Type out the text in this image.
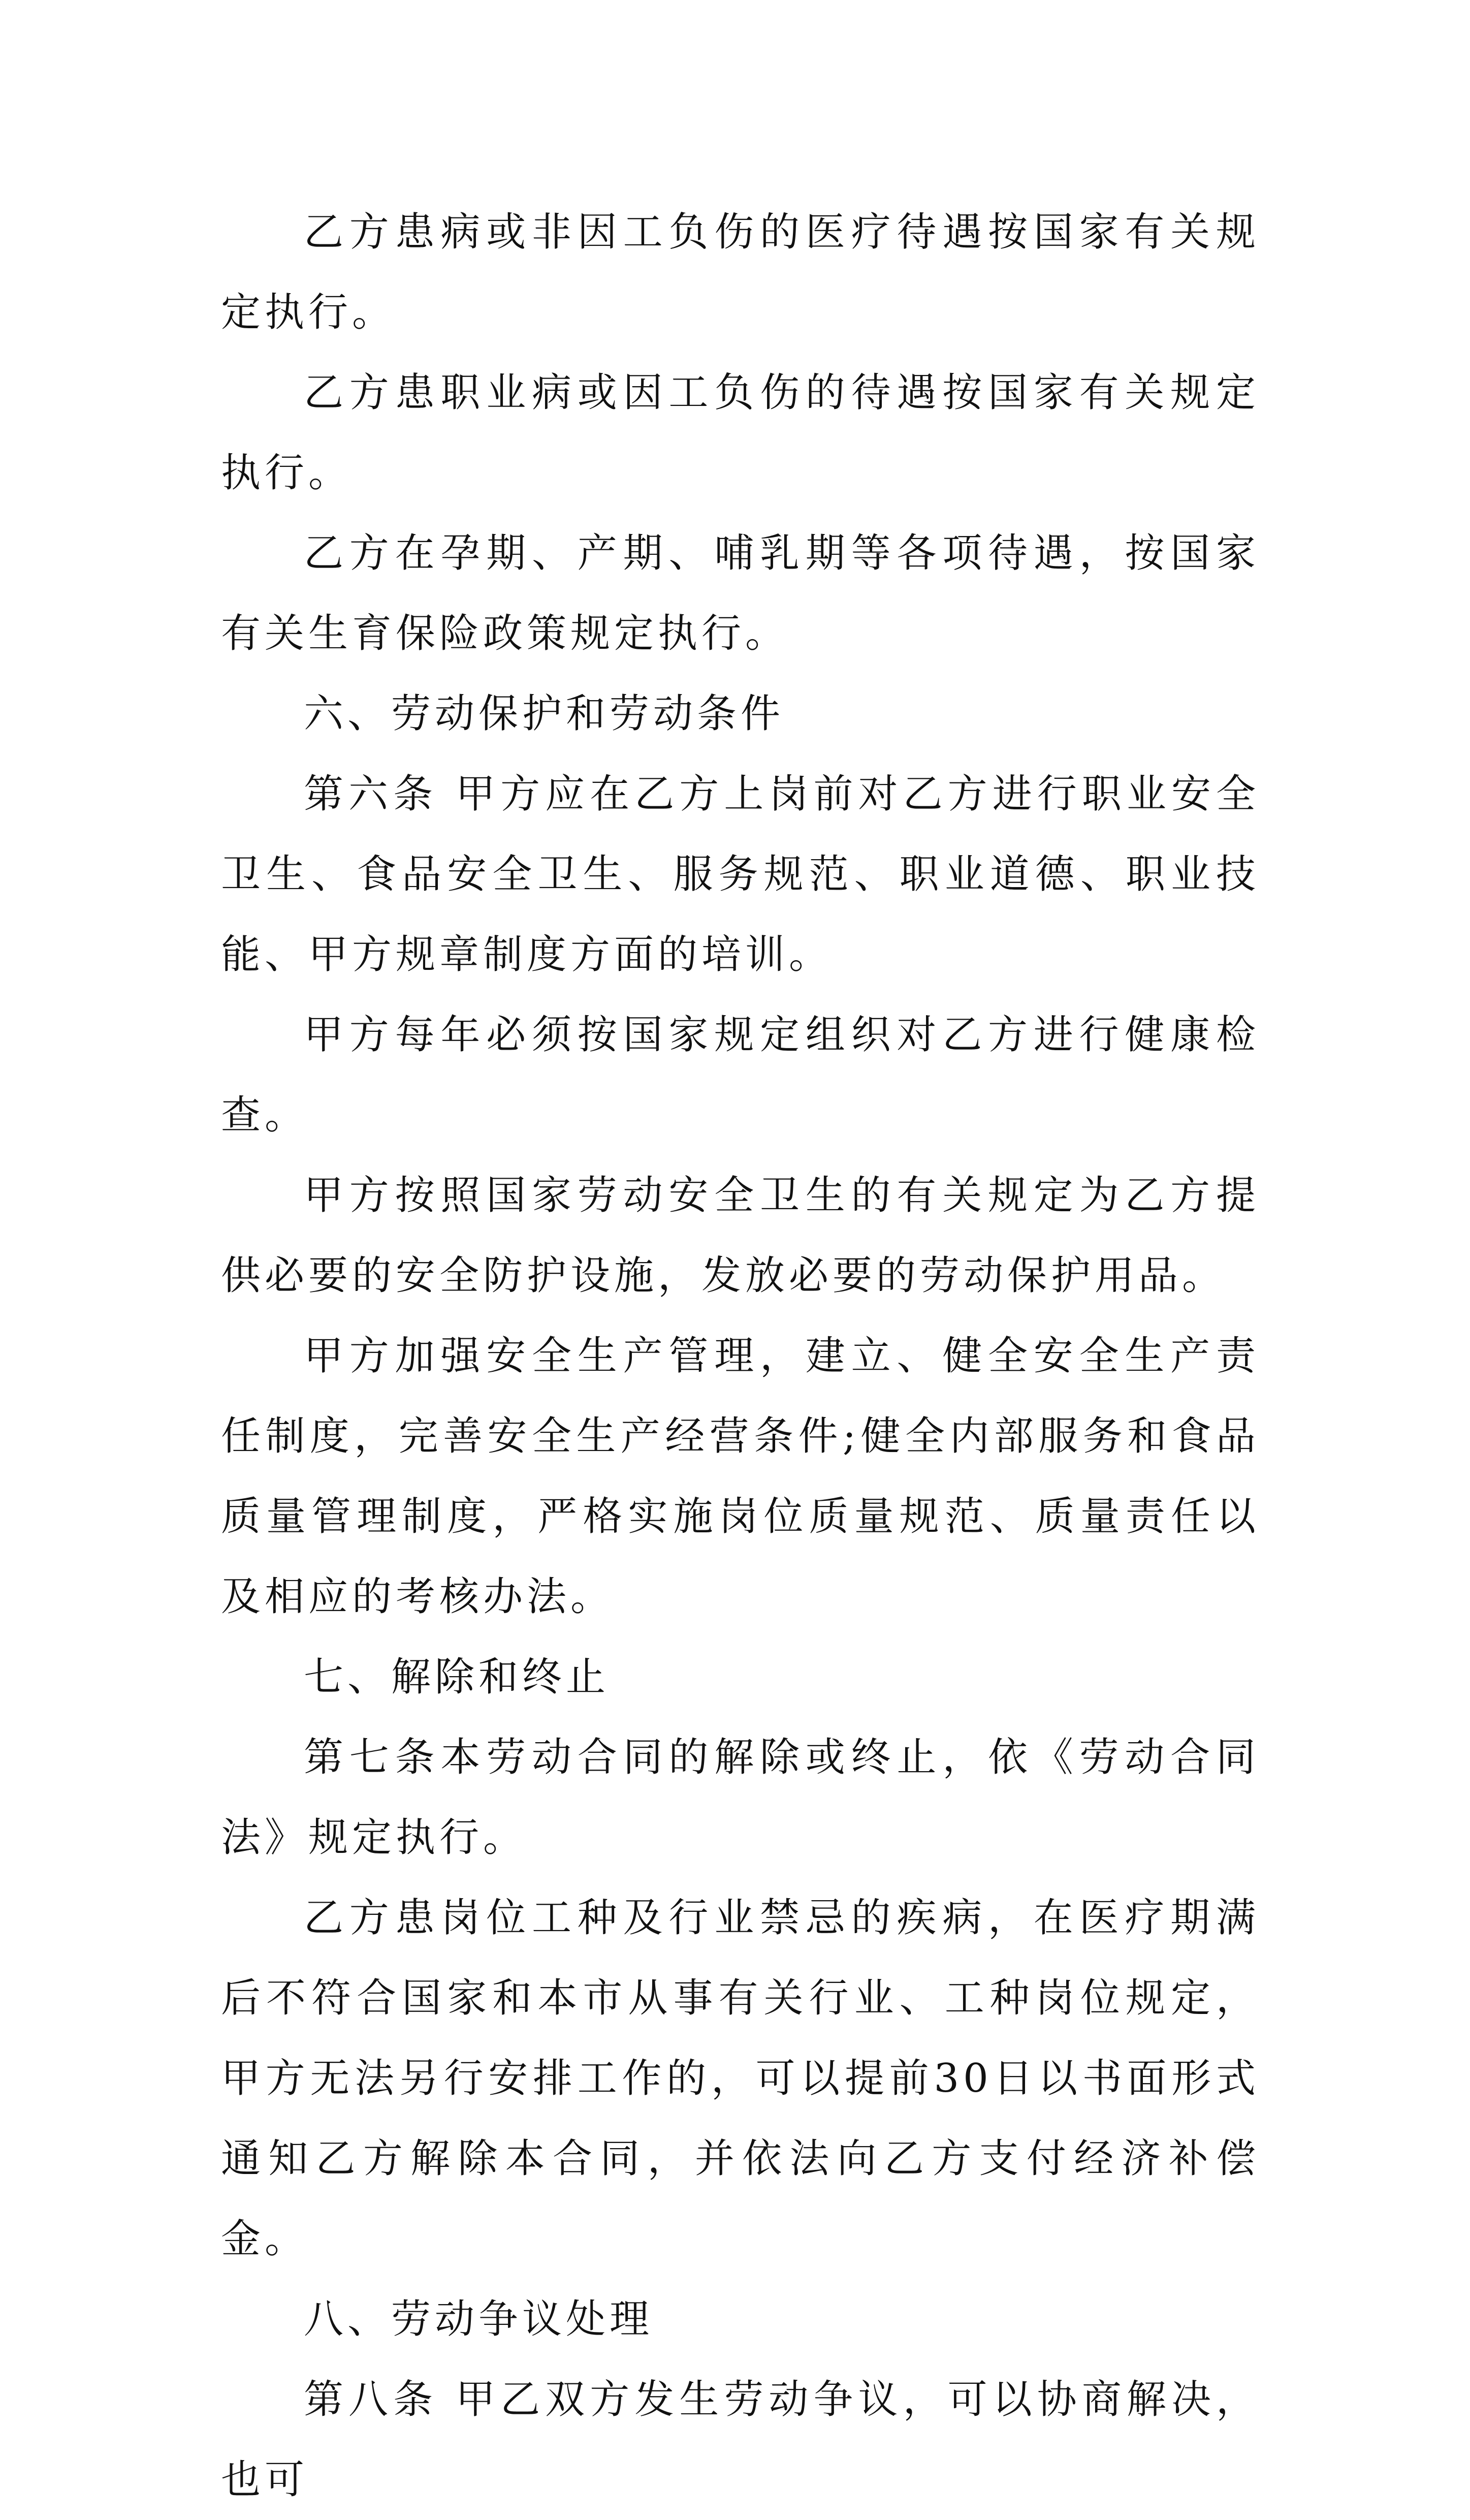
乙方患病或非因工负伤的医疗待遇按国家有关规定执行。

乙方患职业病或因工负伤的待遇按国家有关规定执行。

乙方在孕期、产期、哺乳期等各项待遇，按国家有关生育保险政策规定执行。

六、劳动保护和劳动条件

第六条 甲方应在乙方上岗前对乙方进行职业安全卫生、食品安全卫生、服务规范、职业道德、职业技能、甲方规章制度方面的培训。

甲方每年必须按国家规定组织对乙方进行健康检查。

甲方按照国家劳动安全卫生的有关规定为乙方提供必要的安全防护设施，发放必要的劳动保护用品。

甲方加强安全生产管理，建立、健全安全生产责任制度，完善安全生产经营条件;健全内部服务和食品质量管理制度，严格实施岗位质量规范、质量责任以及相应的考核办法。

七、解除和终止

第七条本劳动合同的解除或终止，依《劳动合同法》规定执行。

乙方患岗位工种及行业禁忌的疾病，在医疗期满后不符合国家和本市从事有关行业、工种岗位规定，甲方无法另行安排工作的，可以提前30日以书面形式通知乙方解除本合同，并依法向乙方支付经济补偿金。

八、劳动争议处理

第八条 甲乙双方发生劳动争议，可以协商解决，也可
